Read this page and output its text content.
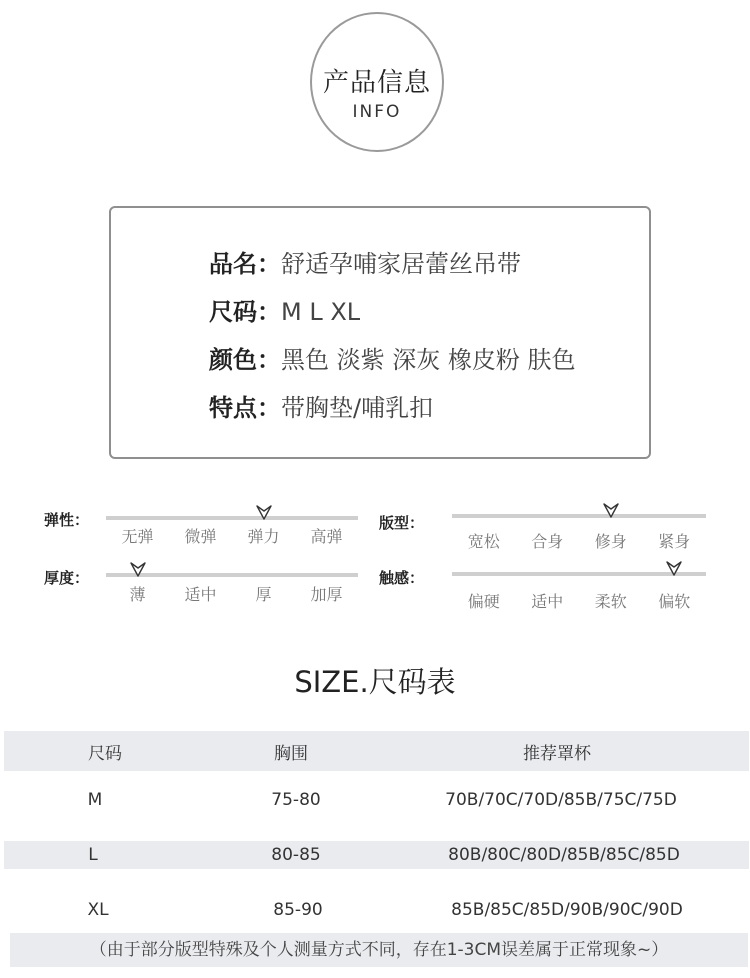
产品信息
INFO
品名：舒适孕哺家居蕾丝吊带
尺码：M L XL
颜色：黑色 淡紫 深灰 橡皮粉 肤色
特点：带胸垫/哺乳扣
弹性：	版型：
厚度：	触感：
SIZE.尺码表
尺码	胸围	推荐罩杯
M	75-80	70B/70C/70D/85B/75C/75D
L	80-85	80B/80C/80D/85B/85C/85D
XL	85-90	85B/85C/85D/90B/90C/90D
（由于部分版型特殊及个人测量方式不同，存在1-3CM误差属于正常现象~）
无弹 微弹 弹力 高弹	宽松 合身 修身 紧身
薄 适中 厚 加厚	偏硬 适中 柔软 偏软
